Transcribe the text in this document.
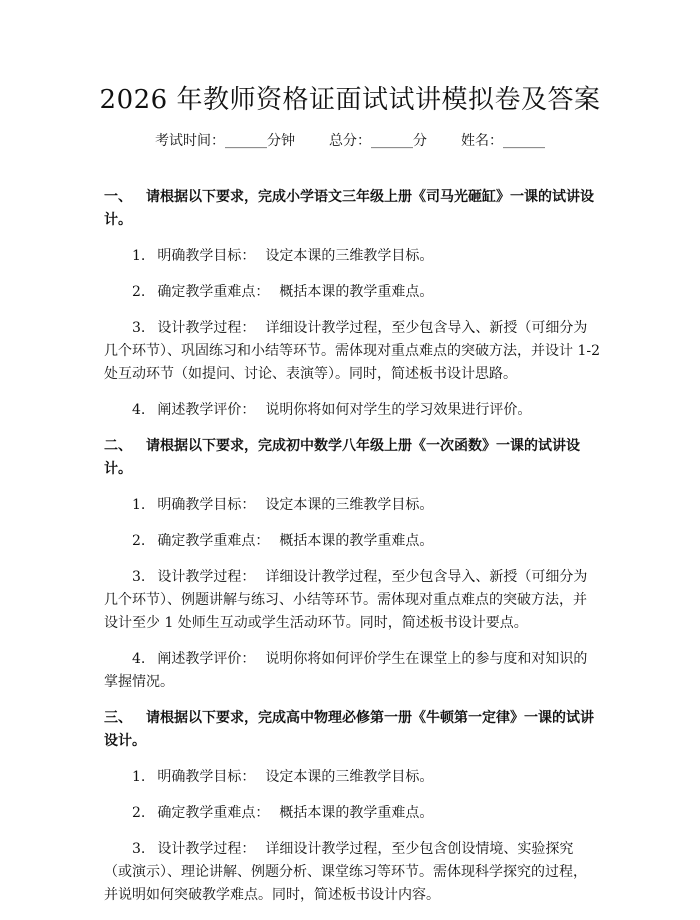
2026 年教师资格证面试试讲模拟卷及答案
考试时间：______分钟 总分：______分 姓名：______
一、 请根据以下要求，完成小学语文三年级上册《司马光砸缸》一课的试讲设计。
1. 明确教学目标： 设定本课的三维教学目标。
2. 确定教学重难点： 概括本课的教学重难点。
3. 设计教学过程： 详细设计教学过程，至少包含导入、新授（可细分为几个环节）、巩固练习和小结等环节。需体现对重点难点的突破方法，并设计 1-2 处互动环节（如提问、讨论、表演等）。同时，简述板书设计思路。
4. 阐述教学评价： 说明你将如何对学生的学习效果进行评价。
二、 请根据以下要求，完成初中数学八年级上册《一次函数》一课的试讲设计。
1. 明确教学目标： 设定本课的三维教学目标。
2. 确定教学重难点： 概括本课的教学重难点。
3. 设计教学过程： 详细设计教学过程，至少包含导入、新授（可细分为几个环节）、例题讲解与练习、小结等环节。需体现对重点难点的突破方法，并设计至少 1 处师生互动或学生活动环节。同时，简述板书设计要点。
4. 阐述教学评价： 说明你将如何评价学生在课堂上的参与度和对知识的掌握情况。
三、 请根据以下要求，完成高中物理必修第一册《牛顿第一定律》一课的试讲设计。
1. 明确教学目标： 设定本课的三维教学目标。
2. 确定教学重难点： 概括本课的教学重难点。
3. 设计教学过程： 详细设计教学过程，至少包含创设情境、实验探究（或演示）、理论讲解、例题分析、课堂练习等环节。需体现科学探究的过程，并说明如何突破教学难点。同时，简述板书设计内容。
